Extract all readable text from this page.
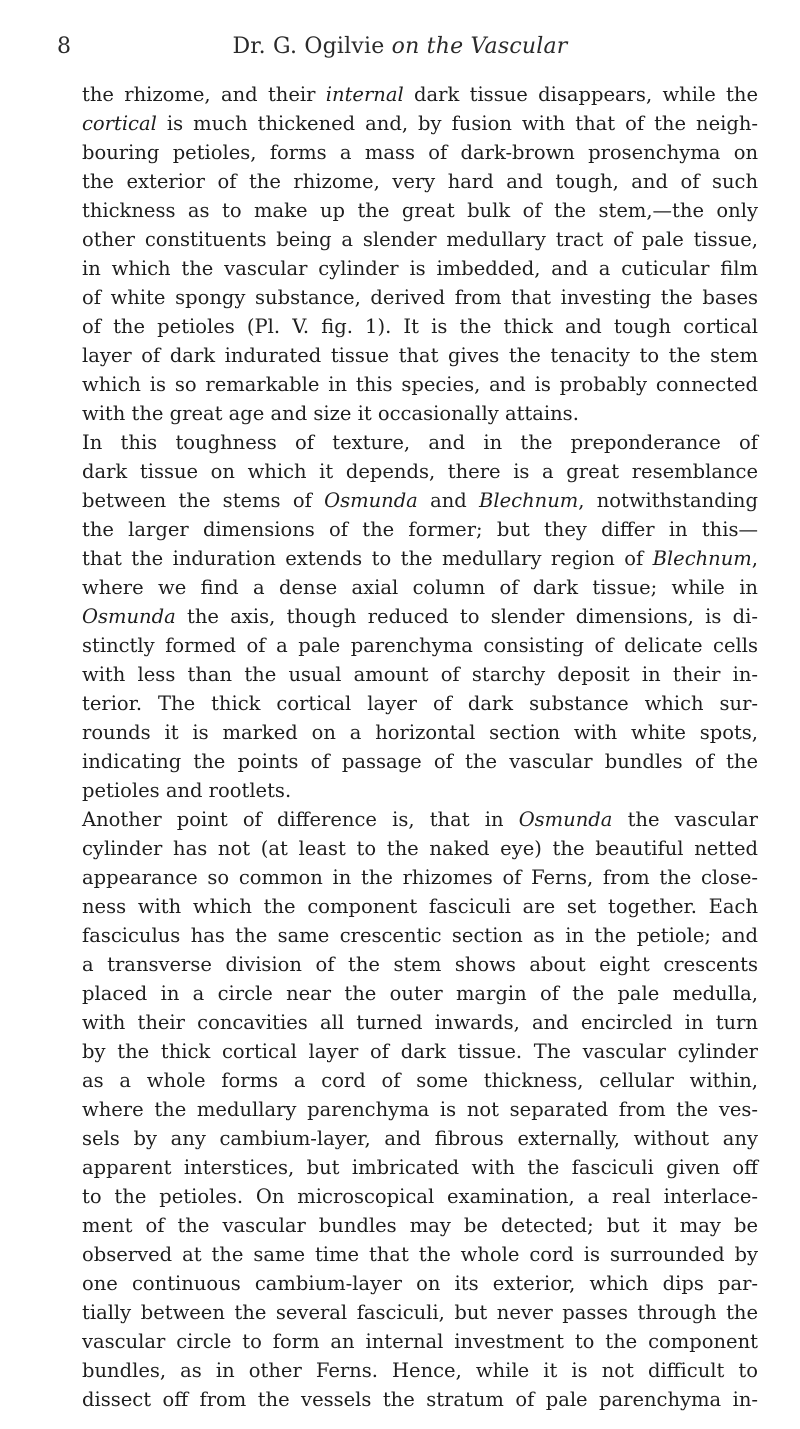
8	Dr. G. Ogilvie on the Vascular
the rhizome, and their internal dark tissue disappears, while the
cortical is much thickened and, by fusion with that of the neigh-
bouring petioles, forms a mass of dark-brown prosenchyma on
the exterior of the rhizome, very hard and tough, and of such
thickness as to make up the great bulk of the stem,—the only
other constituents being a slender medullary tract of pale tissue,
in which the vascular cylinder is imbedded, and a cuticular film
of white spongy substance, derived from that investing the bases
of the petioles (Pl. V. fig. 1). It is the thick and tough cortical
layer of dark indurated tissue that gives the tenacity to the stem
which is so remarkable in this species, and is probably connected
with the great age and size it occasionally attains.
In this toughness of texture, and in the preponderance of
dark tissue on which it depends, there is a great resemblance
between the stems of Osmunda and Blechnum, notwithstanding
the larger dimensions of the former; but they differ in this—
that the induration extends to the medullary region of Blechnum,
where we find a dense axial column of dark tissue; while in
Osmunda the axis, though reduced to slender dimensions, is di-
stinctly formed of a pale parenchyma consisting of delicate cells
with less than the usual amount of starchy deposit in their in-
terior. The thick cortical layer of dark substance which sur-
rounds it is marked on a horizontal section with white spots,
indicating the points of passage of the vascular bundles of the
petioles and rootlets.
Another point of difference is, that in Osmunda the vascular
cylinder has not (at least to the naked eye) the beautiful netted
appearance so common in the rhizomes of Ferns, from the close-
ness with which the component fasciculi are set together. Each
fasciculus has the same crescentic section as in the petiole; and
a transverse division of the stem shows about eight crescents
placed in a circle near the outer margin of the pale medulla,
with their concavities all turned inwards, and encircled in turn
by the thick cortical layer of dark tissue. The vascular cylinder
as a whole forms a cord of some thickness, cellular within,
where the medullary parenchyma is not separated from the ves-
sels by any cambium-layer, and fibrous externally, without any
apparent interstices, but imbricated with the fasciculi given off
to the petioles. On microscopical examination, a real interlace-
ment of the vascular bundles may be detected; but it may be
observed at the same time that the whole cord is surrounded by
one continuous cambium-layer on its exterior, which dips par-
tially between the several fasciculi, but never passes through the
vascular circle to form an internal investment to the component
bundles, as in other Ferns. Hence, while it is not difficult to
dissect off from the vessels the stratum of pale parenchyma in-
